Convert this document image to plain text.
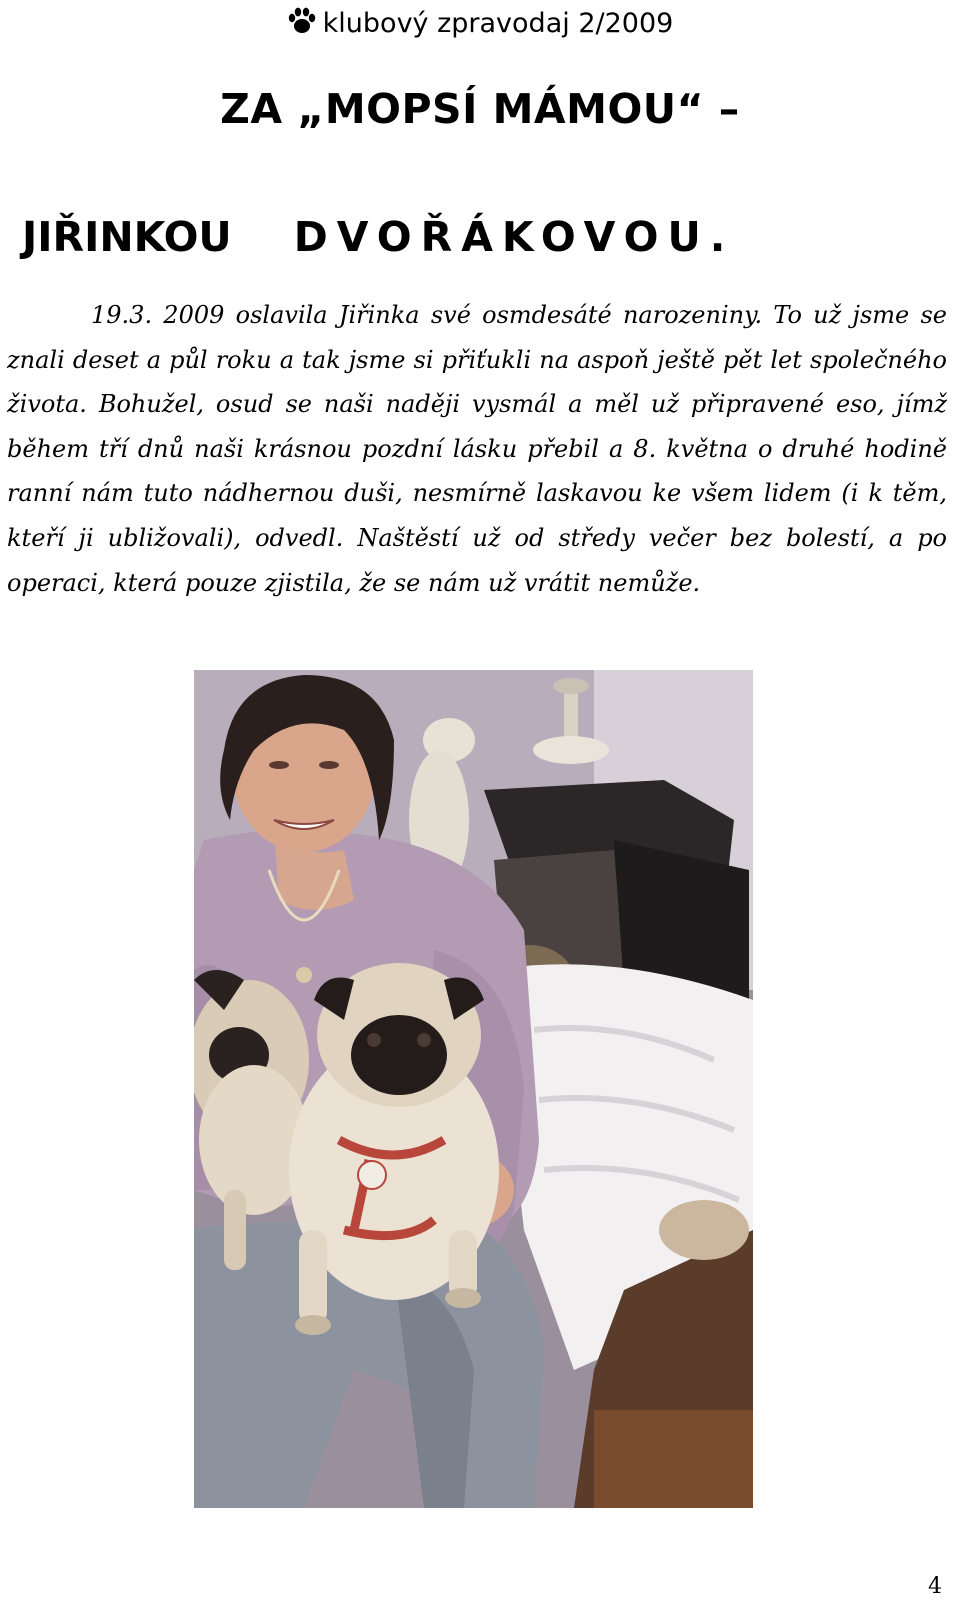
klubový zpravodaj 2/2009
ZA „MOPSÍ MÁMOU“ –
JIŘINKOU DVOŘÁKOVOU.

19.3. 2009 oslavila Jiřinka své osmdesáté narozeniny. To už jsme se znali deset a půl roku a tak jsme si přiťukli na aspoň ještě pět let společného života. Bohužel, osud se naši naději vysmál a měl už připravené eso, jímž během tří dnů naši krásnou pozdní lásku přebil a 8. května o druhé hodině ranní nám tuto nádhernou duši, nesmírně laskavou ke všem lidem (i k těm, kteří ji ubližovali), odvedl. Naštěstí už od středy večer bez bolestí, a po operaci, která pouze zjistila, že se nám už vrátit nemůže.

4
